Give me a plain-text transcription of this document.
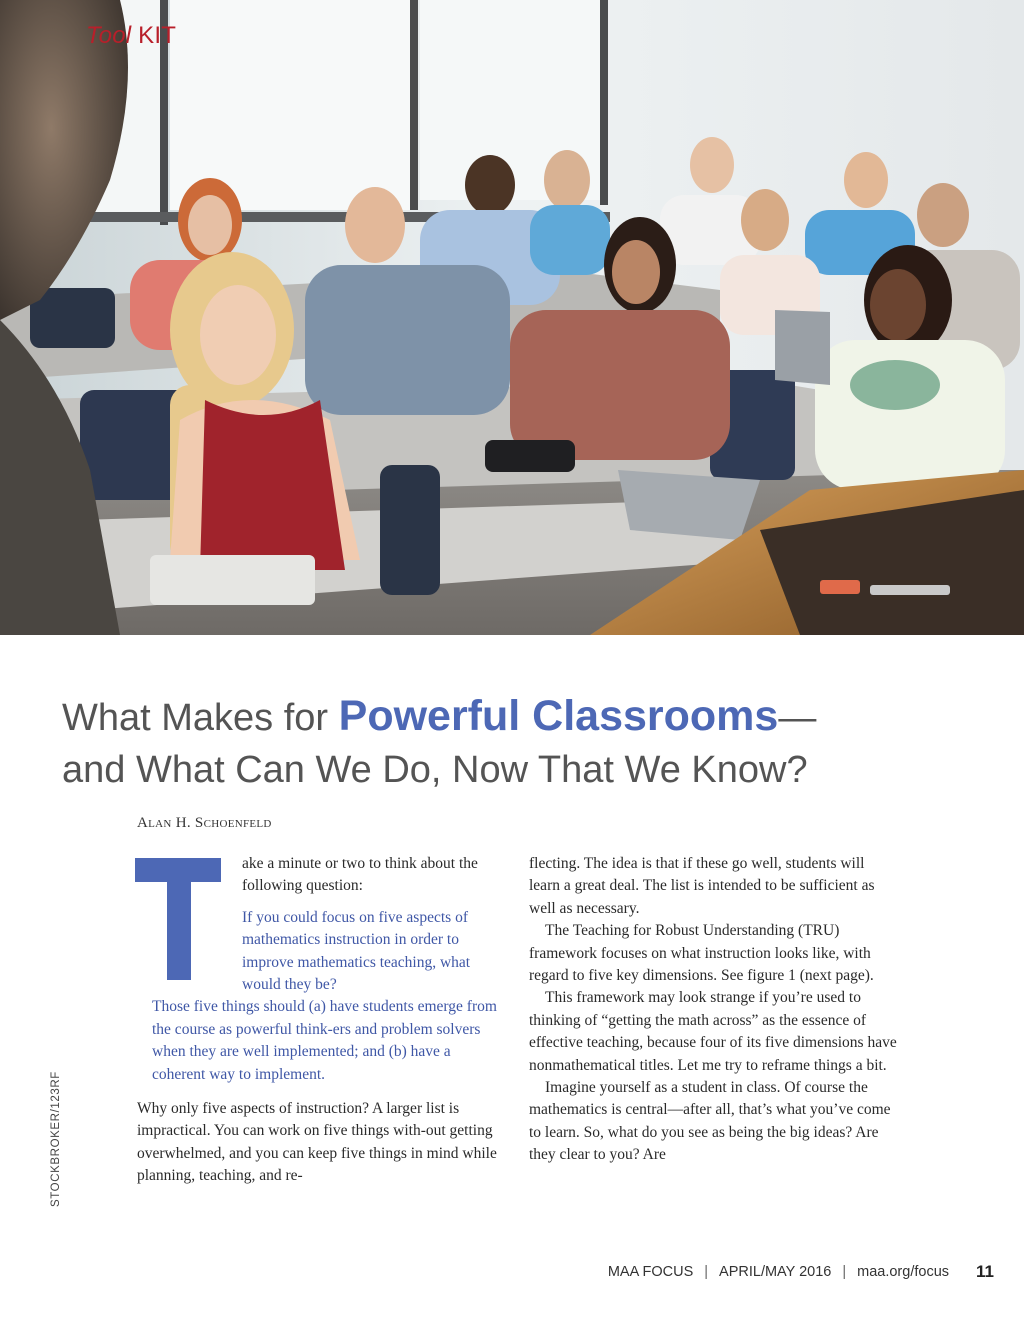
Tool KIT
What Makes for Powerful Classrooms—
and What Can We Do, Now That We Know?
Alan H. Schoenfeld

ake a minute or two to think about the following question:

If you could focus on five aspects of mathematics instruction in order to improve mathematics teaching, what would they be?

Those five things should (a) have students emerge from the course as powerful think-ers and problem solvers when they are well implemented; and (b) have a coherent way to implement.

Why only five aspects of instruction? A larger list is impractical. You can work on five things with-out getting overwhelmed, and you can keep five things in mind while planning, teaching, and re-

flecting. The idea is that if these go well, students will learn a great deal. The list is intended to be sufficient as well as necessary.

The Teaching for Robust Understanding (TRU) framework focuses on what instruction looks like, with regard to five key dimensions. See figure 1 (next page).

This framework may look strange if you’re used to thinking of “getting the math across” as the essence of effective teaching, because four of its five dimensions have nonmathematical titles. Let me try to reframe things a bit.

Imagine yourself as a student in class. Of course the mathematics is central—after all, that’s what you’ve come to learn. So, what do you see as being the big ideas? Are they clear to you? Are

STOCKBROKER/123RF
MAA FOCUS | APRIL/MAY 2016 | maa.org/focus 11
